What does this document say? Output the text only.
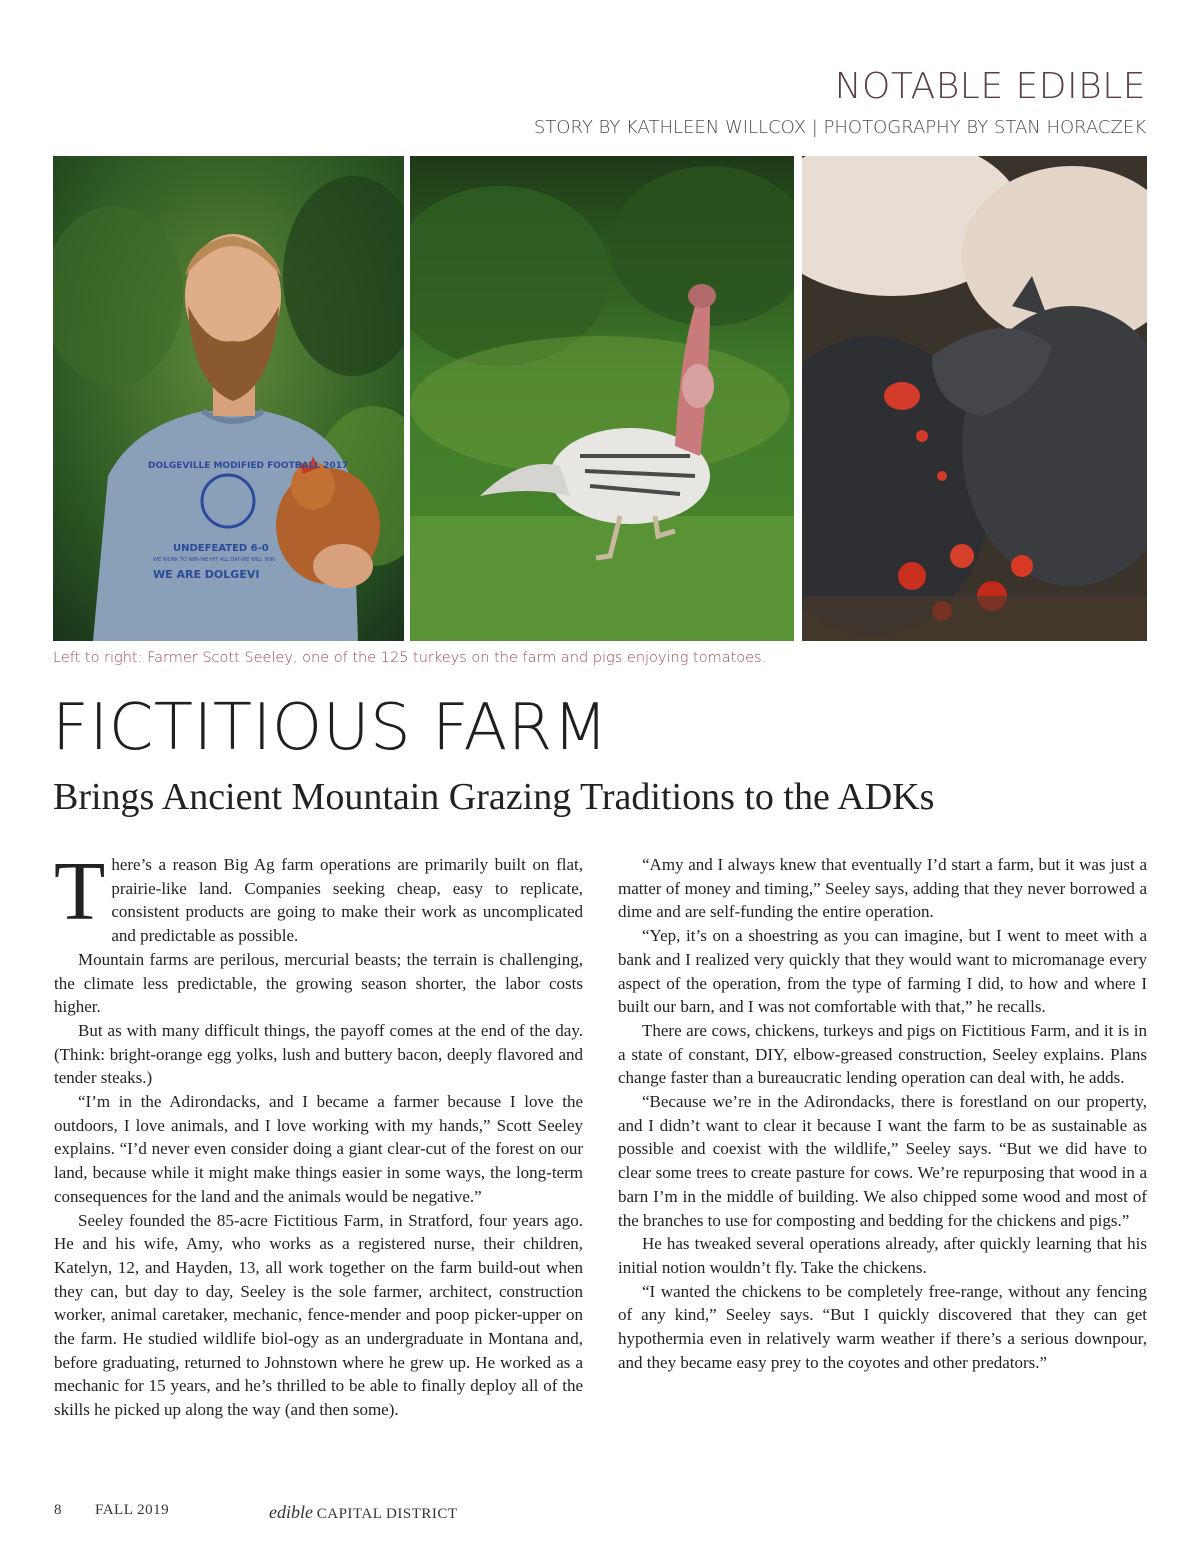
NOTABLE EDIBLE
STORY BY KATHLEEN WILLCOX | PHOTOGRAPHY BY STAN HORACZEK
DOLGEVILLE MODIFIED FOOTBALL 2017
UNDEFEATED 6-0
WE WORK TO WIN-WE HIT ALL DAY-WE WILL WIN
WE ARE DOLGEVI
Left to right: Farmer Scott Seeley, one of the 125 turkeys on the farm and pigs enjoying tomatoes.
FICTITIOUS FARM
Brings Ancient Mountain Grazing Traditions to the ADKs

There’s a reason Big Ag farm operations are primarily built on flat, prairie-like land. Companies seeking cheap, easy to replicate, consistent products are going to make their work as uncomplicated and predictable as possible.

Mountain farms are perilous, mercurial beasts; the terrain is challenging, the climate less predictable, the growing season shorter, the labor costs higher.

But as with many difficult things, the payoff comes at the end of the day. (Think: bright-orange egg yolks, lush and buttery bacon, deeply flavored and tender steaks.)

“I’m in the Adirondacks, and I became a farmer because I love the outdoors, I love animals, and I love working with my hands,” Scott Seeley explains. “I’d never even consider doing a giant clear-cut of the forest on our land, because while it might make things easier in some ways, the long-term consequences for the land and the animals would be negative.”

Seeley founded the 85-acre Fictitious Farm, in Stratford, four years ago. He and his wife, Amy, who works as a registered nurse, their children, Katelyn, 12, and Hayden, 13, all work together on the farm build-out when they can, but day to day, Seeley is the sole farmer, architect, construction worker, animal caretaker, mechanic, fence-mender and poop picker-upper on the farm. He studied wildlife biol-ogy as an undergraduate in Montana and, before graduating, returned to Johnstown where he grew up. He worked as a mechanic for 15 years, and he’s thrilled to be able to finally deploy all of the skills he picked up along the way (and then some).

“Amy and I always knew that eventually I’d start a farm, but it was just a matter of money and timing,” Seeley says, adding that they never borrowed a dime and are self-funding the entire operation.

“Yep, it’s on a shoestring as you can imagine, but I went to meet with a bank and I realized very quickly that they would want to micromanage every aspect of the operation, from the type of farming I did, to how and where I built our barn, and I was not comfortable with that,” he recalls.

There are cows, chickens, turkeys and pigs on Fictitious Farm, and it is in a state of constant, DIY, elbow-greased construction, Seeley explains. Plans change faster than a bureaucratic lending operation can deal with, he adds.

“Because we’re in the Adirondacks, there is forestland on our property, and I didn’t want to clear it because I want the farm to be as sustainable as possible and coexist with the wildlife,” Seeley says. “But we did have to clear some trees to create pasture for cows. We’re repurposing that wood in a barn I’m in the middle of building. We also chipped some wood and most of the branches to use for composting and bedding for the chickens and pigs.”

He has tweaked several operations already, after quickly learning that his initial notion wouldn’t fly. Take the chickens.

“I wanted the chickens to be completely free-range, without any fencing of any kind,” Seeley says. “But I quickly discovered that they can get hypothermia even in relatively warm weather if there’s a serious downpour, and they became easy prey to the coyotes and other predators.”

8 FALL 2019	edible CAPITAL DISTRICT
